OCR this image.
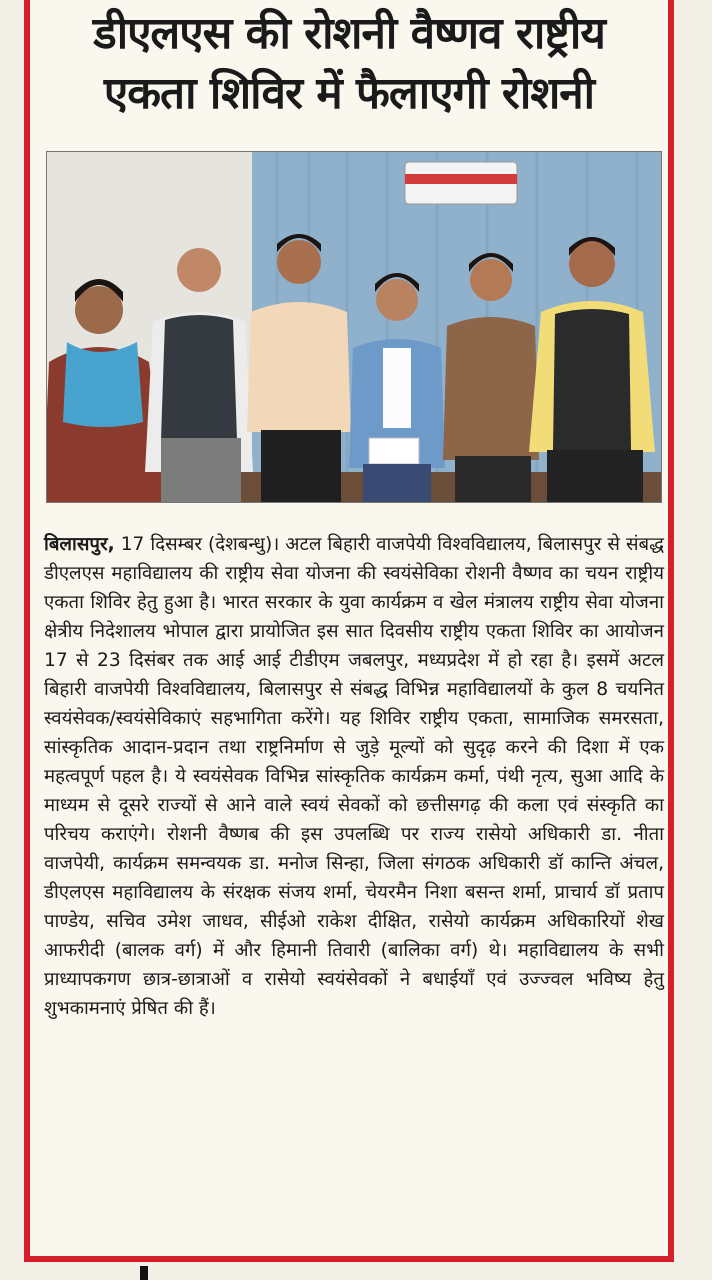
डीएलएस की रोशनी वैष्णव राष्ट्रीय
एकता शिविर में फैलाएगी रोशनी

बिलासपुर, 17 दिसम्बर (देशबन्धु)। अटल बिहारी वाजपेयी विश्वविद्यालय, बिलासपुर से संबद्ध डीएलएस महाविद्यालय की राष्ट्रीय सेवा योजना की स्वयंसेविका रोशनी वैष्णव का चयन राष्ट्रीय एकता शिविर हेतु हुआ है। भारत सरकार के युवा कार्यक्रम व खेल मंत्रालय राष्ट्रीय सेवा योजना क्षेत्रीय निदेशालय भोपाल द्वारा प्रायोजित इस सात दिवसीय राष्ट्रीय एकता शिविर का आयोजन 17 से 23 दिसंबर तक आई आई टीडीएम जबलपुर, मध्यप्रदेश में हो रहा है। इसमें अटल बिहारी वाजपेयी विश्वविद्यालय, बिलासपुर से संबद्ध विभिन्न महाविद्यालयों के कुल 8 चयनित स्वयंसेवक/स्वयंसेविकाएं सहभागिता करेंगे। यह शिविर राष्ट्रीय एकता, सामाजिक समरसता, सांस्कृतिक आदान-प्रदान तथा राष्ट्रनिर्माण से जुड़े मूल्यों को सुदृढ़ करने की दिशा में एक महत्वपूर्ण पहल है। ये स्वयंसेवक विभिन्न सांस्कृतिक कार्यक्रम कर्मा, पंथी नृत्य, सुआ आदि के माध्यम से दूसरे राज्यों से आने वाले स्वयं सेवकों को छत्तीसगढ़ की कला एवं संस्कृति का परिचय कराएंगे। रोशनी वैष्णब की इस उपलब्धि पर राज्य रासेयो अधिकारी डा. नीता वाजपेयी, कार्यक्रम समन्वयक डा. मनोज सिन्हा, जिला संगठक अधिकारी डॉ कान्ति अंचल, डीएलएस महाविद्यालय के संरक्षक संजय शर्मा, चेयरमैन निशा बसन्त शर्मा, प्राचार्य डॉ प्रताप पाण्डेय, सचिव उमेश जाधव, सीईओ राकेश दीक्षित, रासेयो कार्यक्रम अधिकारियों शेख आफरीदी (बालक वर्ग) में और हिमानी तिवारी (बालिका वर्ग) थे। महाविद्यालय के सभी प्राध्यापकगण छात्र-छात्राओं व रासेयो स्वयंसेवकों ने बधाईयाँ एवं उज्ज्वल भविष्य हेतु शुभकामनाएं प्रेषित की हैं।
